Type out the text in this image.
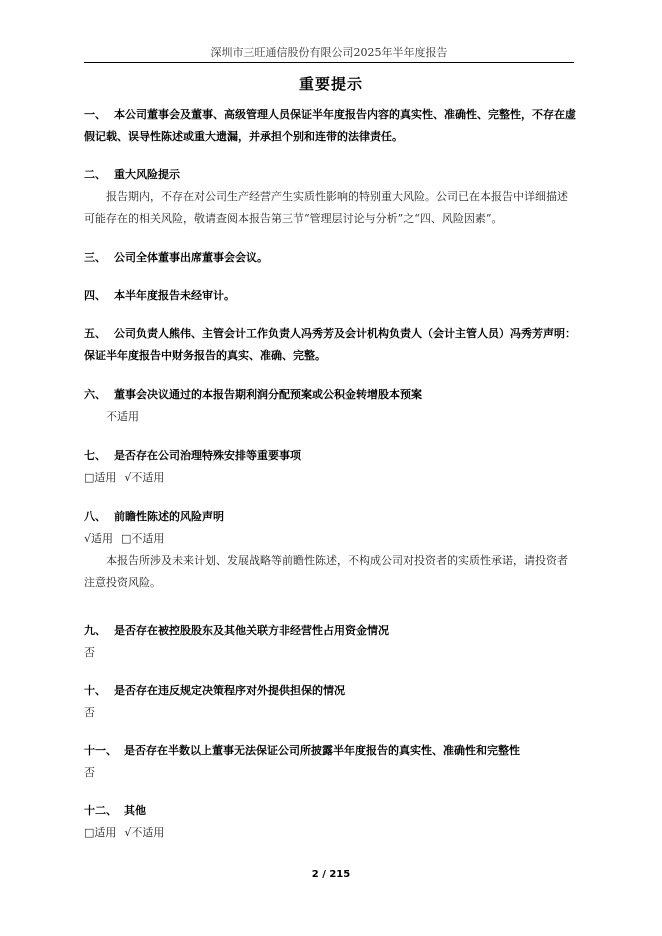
深圳市三旺通信股份有限公司2025年半年度报告
重要提示
一、 本公司董事会及董事、高级管理人员保证半年度报告内容的真实性、准确性、完整性，不存在虚假记载、误导性陈述或重大遗漏，并承担个别和连带的法律责任。
二、 重大风险提示
报告期内，不存在对公司生产经营产生实质性影响的特别重大风险。公司已在本报告中详细描述可能存在的相关风险，敬请查阅本报告第三节“管理层讨论与分析”之“四、风险因素”。
三、 公司全体董事出席董事会会议。
四、 本半年度报告未经审计。
五、 公司负责人熊伟、主管会计工作负责人冯秀芳及会计机构负责人（会计主管人员）冯秀芳声明：保证半年度报告中财务报告的真实、准确、完整。
六、 董事会决议通过的本报告期利润分配预案或公积金转增股本预案
不适用
七、 是否存在公司治理特殊安排等重要事项
□适用 √不适用
八、 前瞻性陈述的风险声明
√适用 □不适用
本报告所涉及未来计划、发展战略等前瞻性陈述，不构成公司对投资者的实质性承诺，请投资者注意投资风险。
九、 是否存在被控股股东及其他关联方非经营性占用资金情况
否
十、 是否存在违反规定决策程序对外提供担保的情况
否
十一、 是否存在半数以上董事无法保证公司所披露半年度报告的真实性、准确性和完整性
否
十二、 其他
□适用 √不适用
2 / 215
